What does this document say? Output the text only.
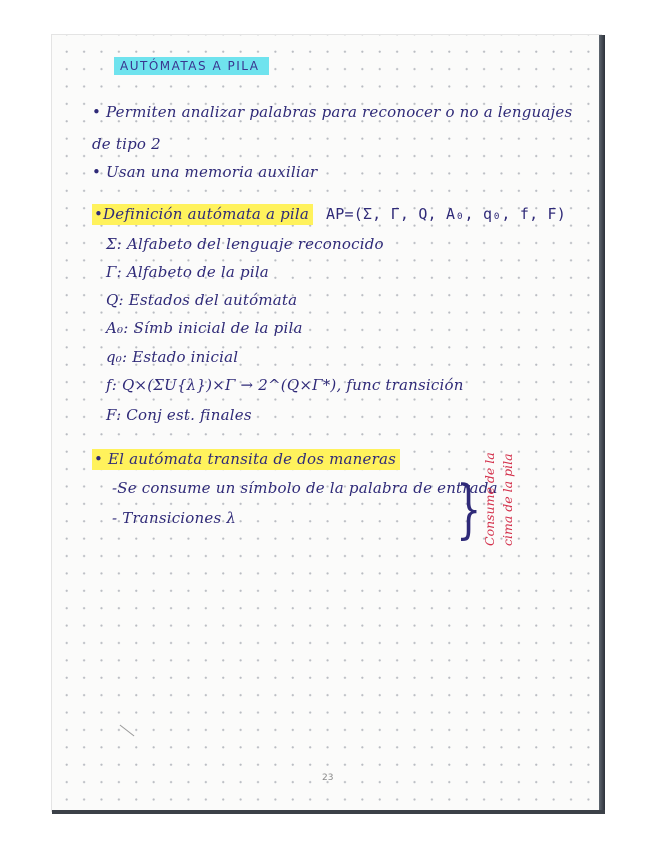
AUTÓMATAS A PILA
• Permiten analizar palabras para reconocer o no a lenguajes
de tipo 2
• Usan una memoria auxiliar
•Definición autómata a pila AP=(Σ, Γ, Q, A₀, q₀, f, F)
Σ: Alfabeto del lenguaje reconocido
Γ: Alfabeto de la pila
Q: Estados del autómata
A₀: Símb inicial de la pila
q₀: Estado inicial
f: Q×(ΣU{λ})×Γ → 2^(Q×Γ*), func transición
F: Conj est. finales
• El autómata transita de dos maneras
-Se consume un símbolo de la palabra de entrada
- Transiciones λ	} Consume de la cima de la pila
23
